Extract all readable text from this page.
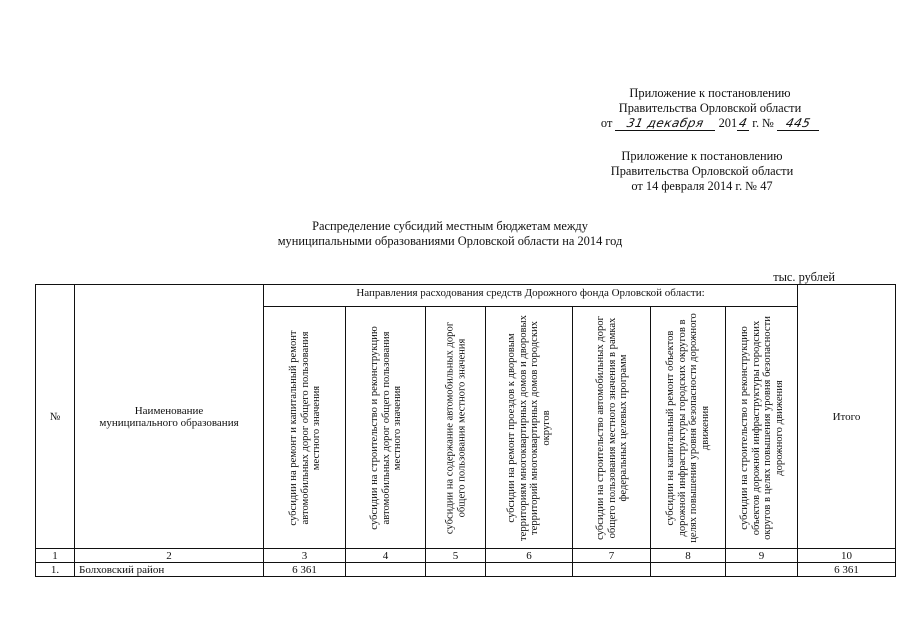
Приложение к постановлению
Правительства Орловской области
от 31 декабря 2014 г. № 445
Приложение к постановлению
Правительства Орловской области
от 14 февраля 2014 г. № 47
Распределение субсидий местным бюджетам между
муниципальными образованиями Орловской области на 2014 год
тыс. рублей
№	Наименование муниципального образования	Направления расходования средств Дорожного фонда Орловской области:							Итого

		субсидии на ремонт и капитальный ремонт автомобильных дорог общего пользования местного значения	субсидии на строительство и реконструкцию автомобильных дорог общего пользования местного значения	субсидии на содержание автомобильных дорог общего пользования местного значения	субсидии на ремонт проездов к дворовым территориям многоквартирных домов и дворовых территорий многоквартирных домов городских округов	субсидии на строительство автомобильных дорог общего пользования местного значения в рамках федеральных целевых программ	субсидии на капитальный ремонт объектов дорожной инфраструктуры городских округов в целях повышения уровня безопасности дорожного движения	субсидии на строительство и реконструкцию объектов дорожной инфраструктуры городских округов в целях повышения уровня безопасности дорожного движения	

1	2	3	4	5	6	7	8	9	10
1.	Болховский район	6 361							6 361
